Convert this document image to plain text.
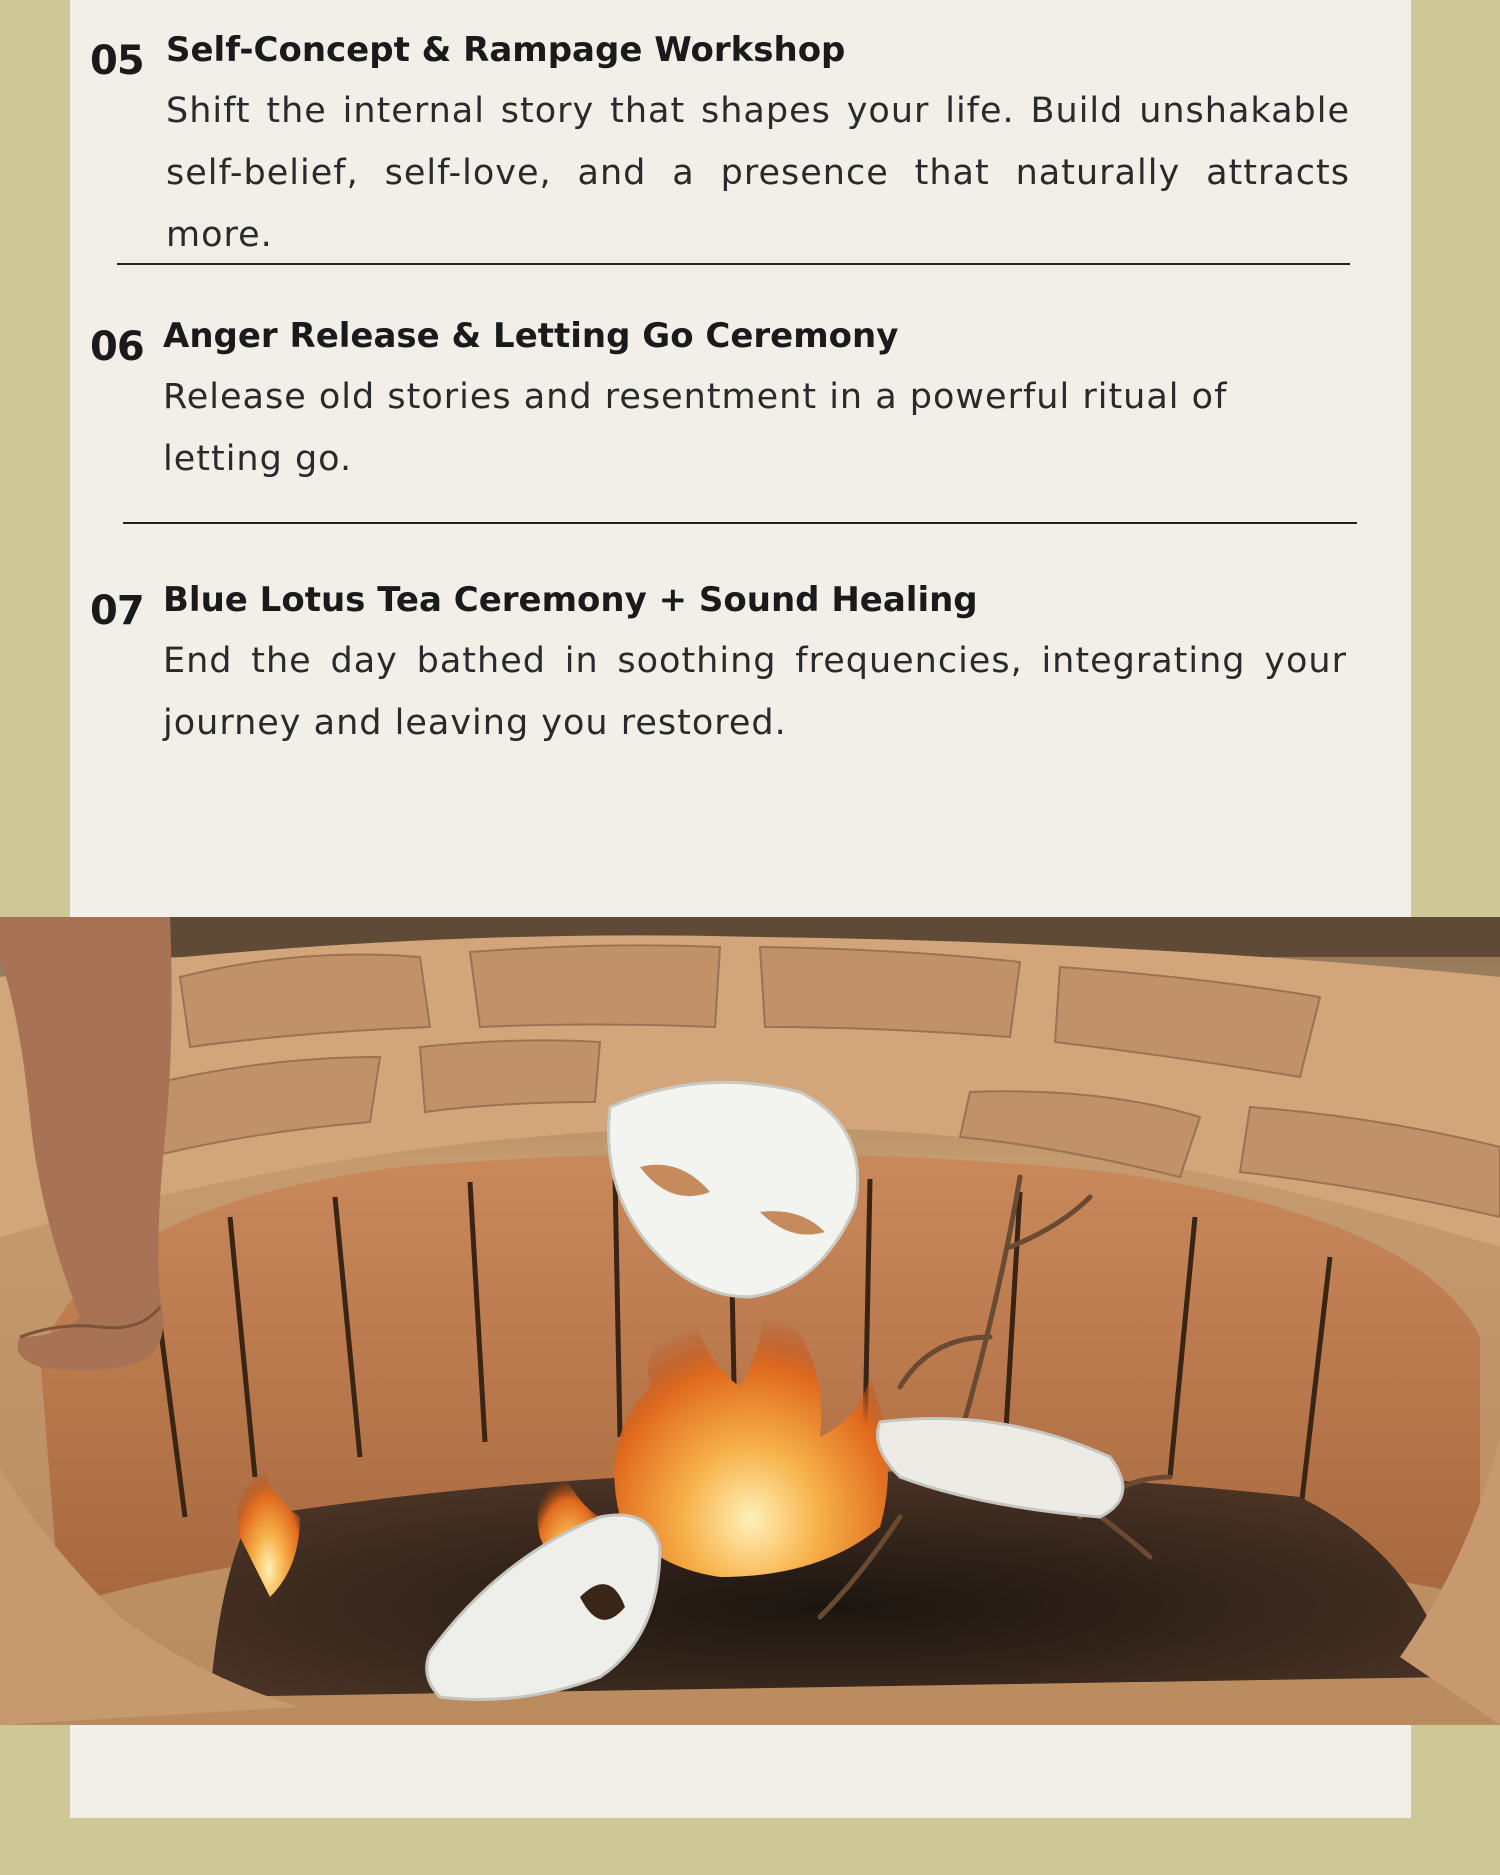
05 Self-Concept & Rampage Workshop
Shift the internal story that shapes your life. Build unshakable self-belief, self-love, and a presence that naturally attracts more.
06 Anger Release & Letting Go Ceremony
Release old stories and resentment in a powerful ritual of letting go.
07 Blue Lotus Tea Ceremony + Sound Healing
End the day bathed in soothing frequencies, integrating your journey and leaving you restored.
